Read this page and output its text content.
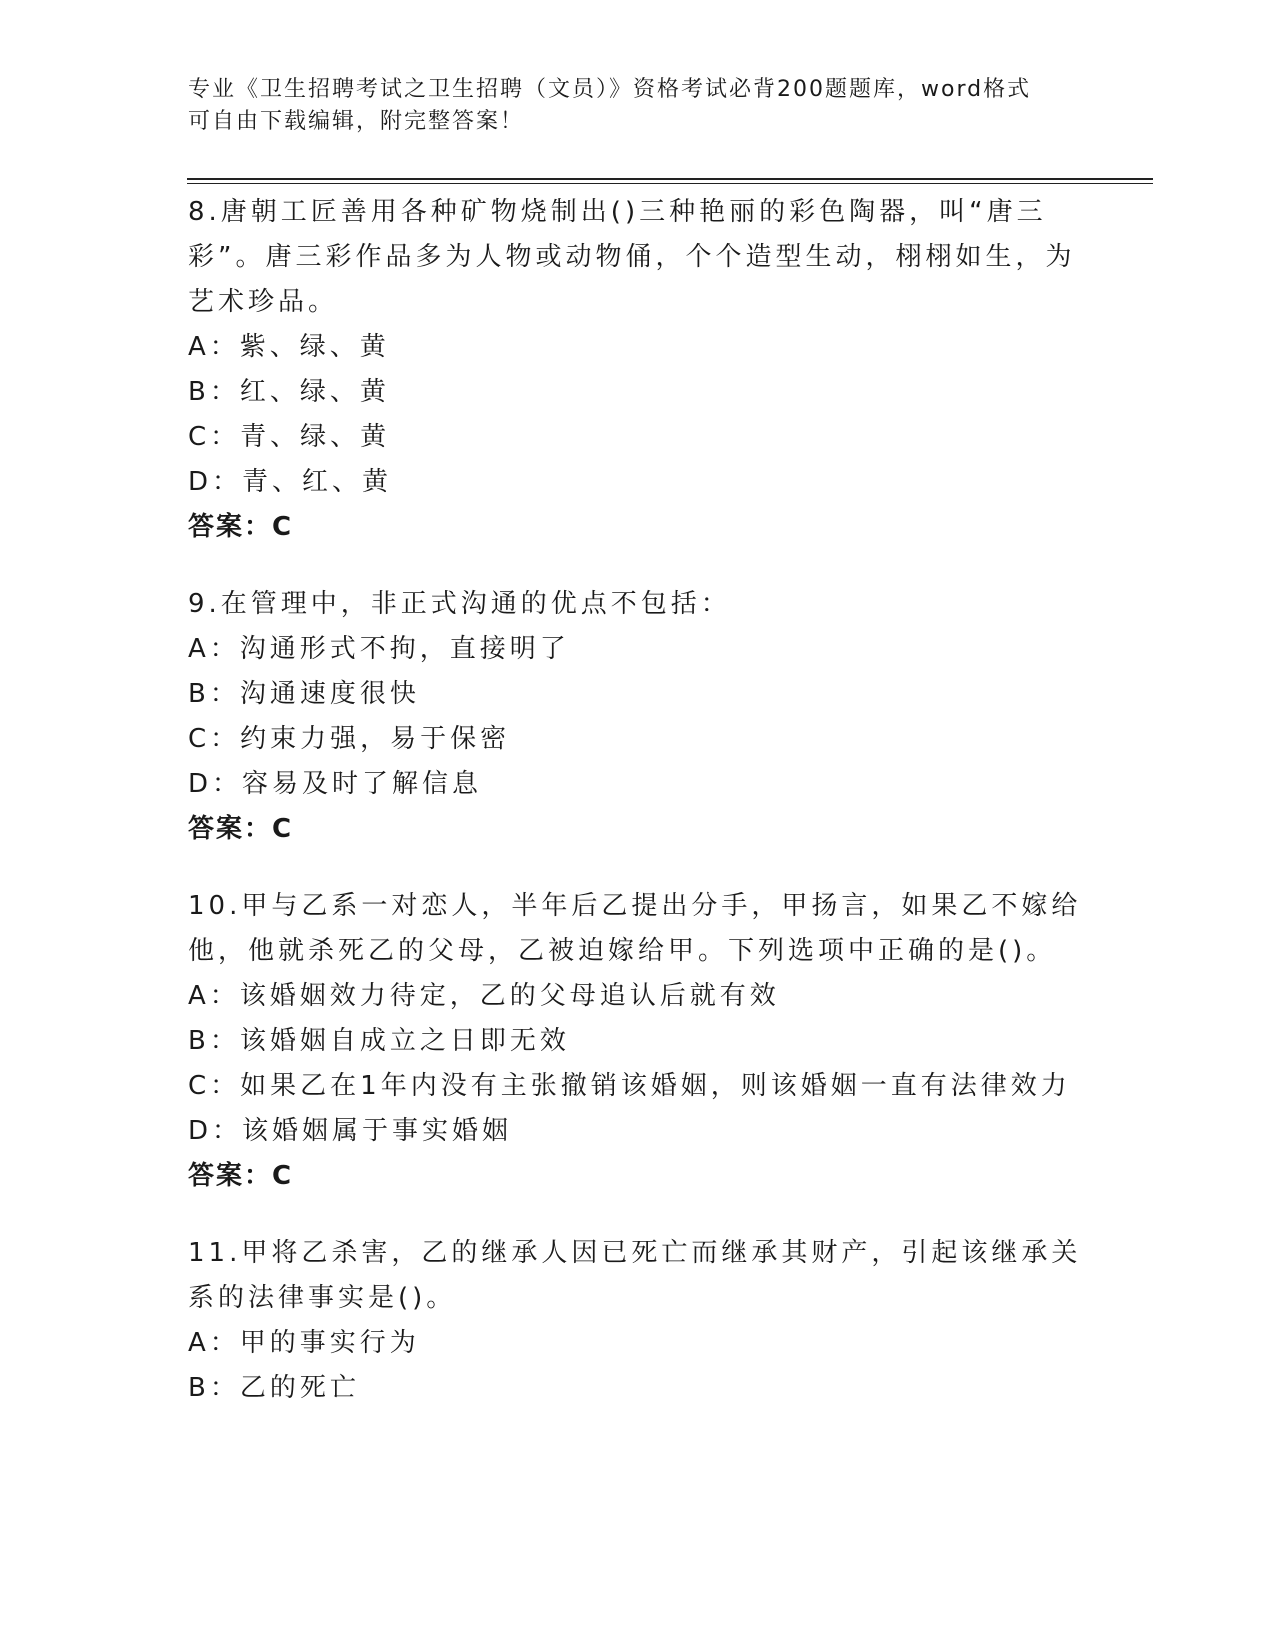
专业《卫生招聘考试之卫生招聘（文员）》资格考试必背200题题库，word格式
可自由下载编辑，附完整答案！
8.唐朝工匠善用各种矿物烧制出()三种艳丽的彩色陶器，叫“唐三彩”。唐三彩作品多为人物或动物俑，个个造型生动，栩栩如生，为艺术珍品。
A：紫、绿、黄
B：红、绿、黄
C：青、绿、黄
D：青、红、黄
答案：C
9.在管理中，非正式沟通的优点不包括：
A：沟通形式不拘，直接明了
B：沟通速度很快
C：约束力强，易于保密
D：容易及时了解信息
答案：C
10.甲与乙系一对恋人，半年后乙提出分手，甲扬言，如果乙不嫁给他，他就杀死乙的父母，乙被迫嫁给甲。下列选项中正确的是()。
A：该婚姻效力待定，乙的父母追认后就有效
B：该婚姻自成立之日即无效
C：如果乙在1年内没有主张撤销该婚姻，则该婚姻一直有法律效力
D：该婚姻属于事实婚姻
答案：C
11.甲将乙杀害，乙的继承人因已死亡而继承其财产，引起该继承关系的法律事实是()。
A：甲的事实行为
B：乙的死亡
